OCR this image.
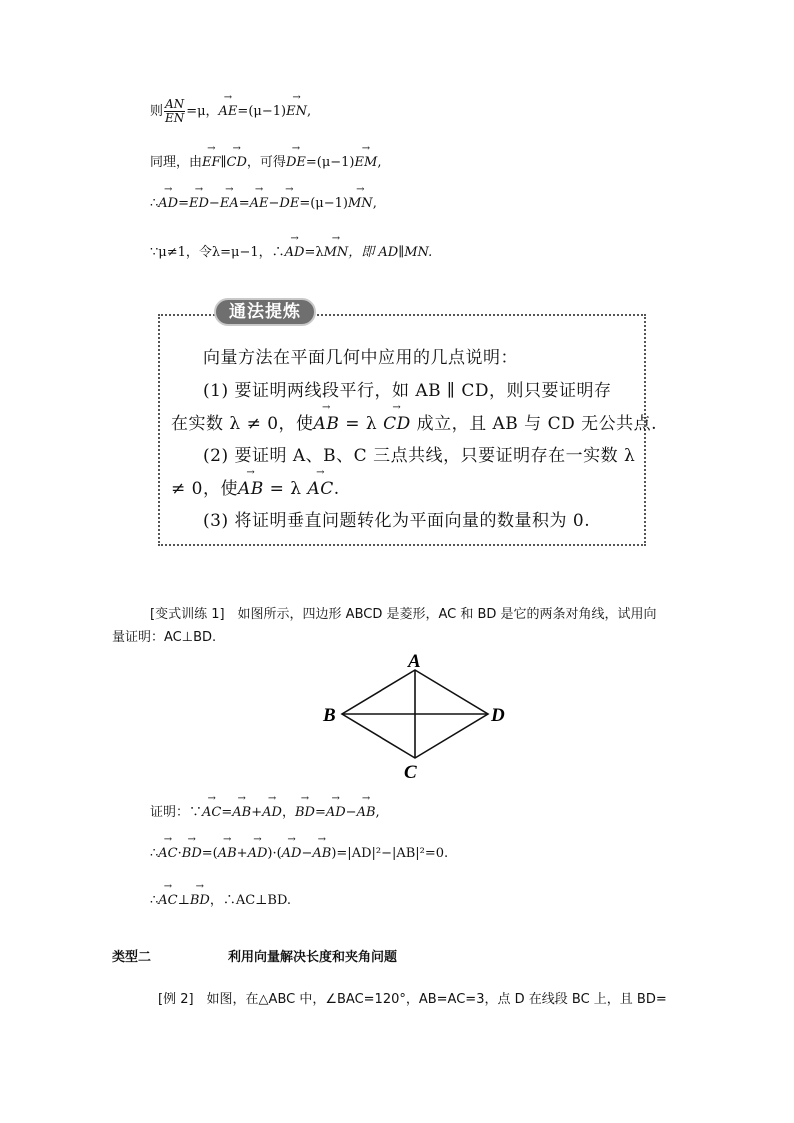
则 $\frac{AN}{EN} =\mu$，→ AE=(μ−1)→ EN,
同理，由→ EF∥→ CD，可得→ DE=(μ−1)→ EM,
∴→ AD=→ ED−→ EA=→ AE−→ DE=(μ−1)→ MN,
∵μ≠1，令λ=μ−1，∴→ AD=λ→ MN，即 AD∥MN.
通法提炼
向量方法在平面几何中应用的几点说明：
(1) 要证明两线段平行，如 AB ∥ CD，则只要证明存
在实数 λ ≠ 0，使→ AB = λ → CD 成立，且 AB 与 CD 无公共点.
(2) 要证明 A、B、C 三点共线，只要证明存在一实数 λ
≠ 0，使→ AB = λ → AC.
(3) 将证明垂直问题转化为平面向量的数量积为 0.
[变式训练 1]　如图所示，四边形 ABCD 是菱形，AC 和 BD 是它的两条对角线，试用向
量证明：AC⊥BD.
A
B
C
D
证明：∵→ AC=→ AB+→ AD，→ BD=→ AD−→ AB,
∴→ AC·→ BD=(→ AB+→ AD)·(→ AD−→ AB)=|AD|²−|AB|²=0.
∴→ AC⊥→ BD，∴AC⊥BD.
类型二	利用向量解决长度和夹角问题
[例 2]　如图，在△ABC 中，∠BAC=120°，AB=AC=3，点 D 在线段 BC 上，且 BD=
